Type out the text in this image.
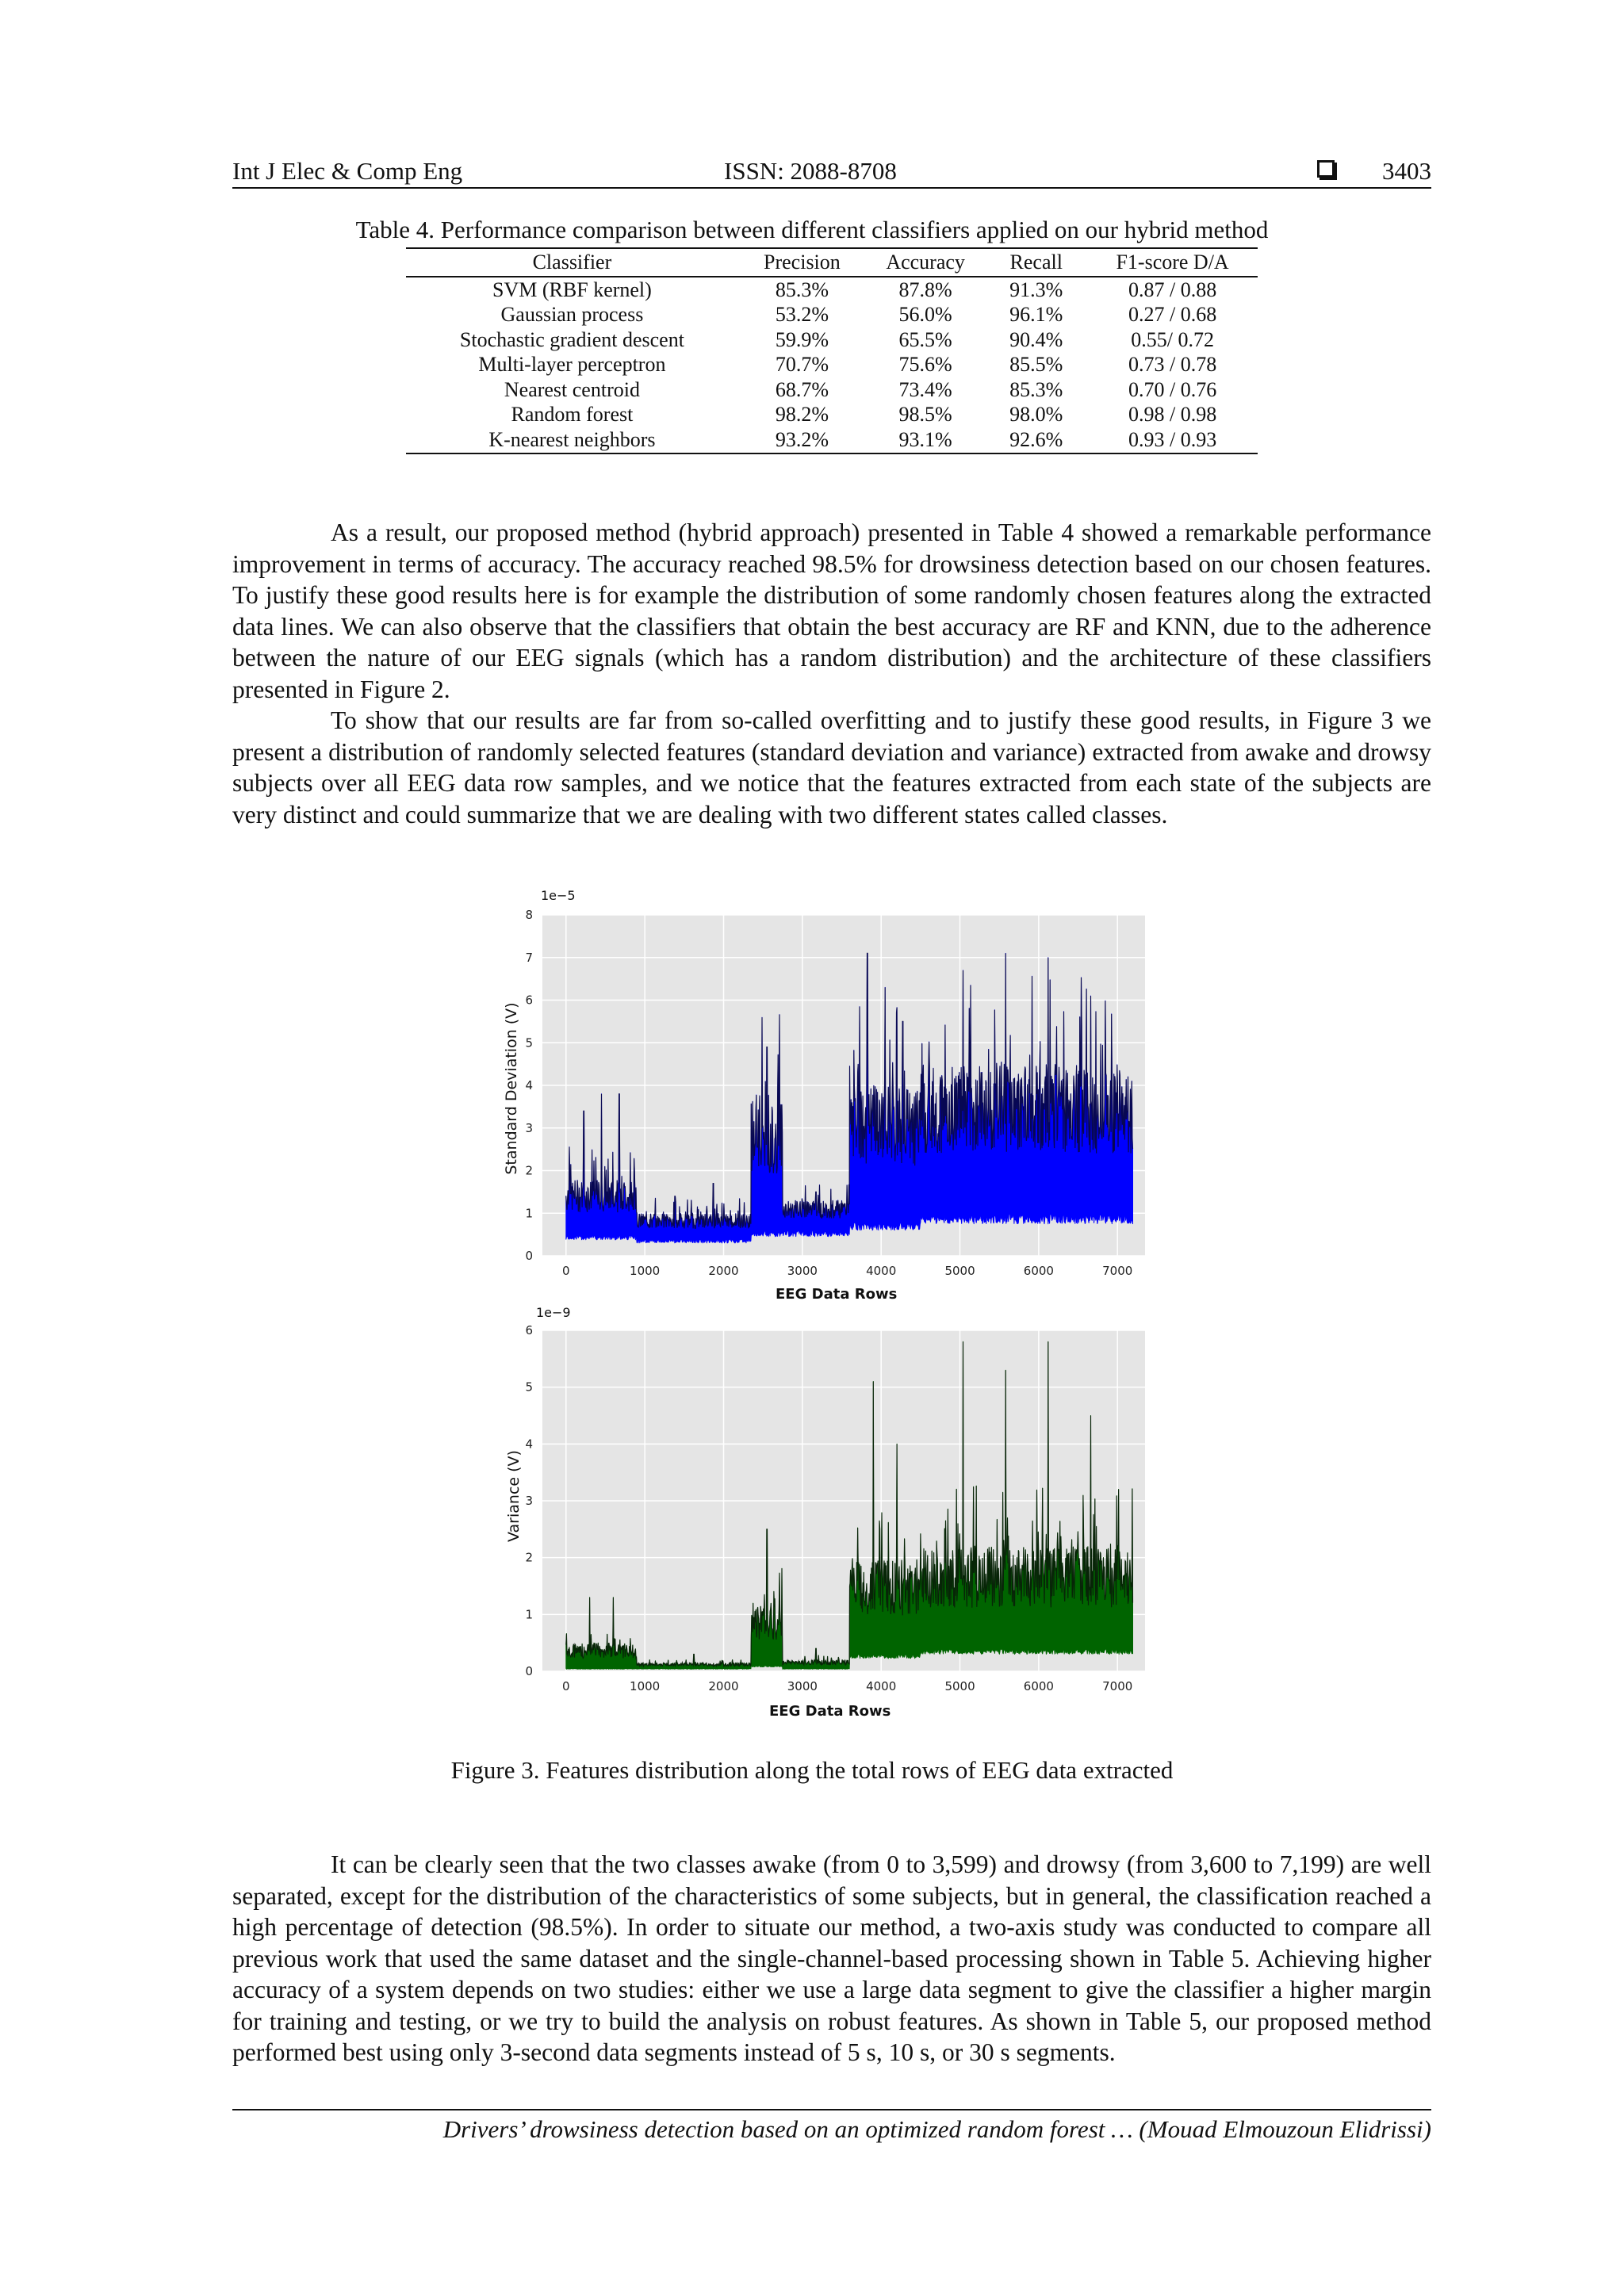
Int J Elec & Comp Eng	ISSN: 2088-8708	3403
Table 4. Performance comparison between different classifiers applied on our hybrid method
Classifier	Precision	Accuracy	Recall	F1-score D/A
SVM (RBF kernel)	85.3%	87.8%	91.3%	0.87 / 0.88
Gaussian process	53.2%	56.0%	96.1%	0.27 / 0.68
Stochastic gradient descent	59.9%	65.5%	90.4%	0.55/ 0.72
Multi-layer perceptron	70.7%	75.6%	85.5%	0.73 / 0.78
Nearest centroid	68.7%	73.4%	85.3%	0.70 / 0.76
Random forest	98.2%	98.5%	98.0%	0.98 / 0.98
K-nearest neighbors	93.2%	93.1%	92.6%	0.93 / 0.93

As a result, our proposed method (hybrid approach) presented in Table 4 showed a remarkable performance improvement in terms of accuracy. The accuracy reached 98.5% for drowsiness detection based on our chosen features. To justify these good results here is for example the distribution of some randomly chosen features along the extracted data lines. We can also observe that the classifiers that obtain the best accuracy are RF and KNN, due to the adherence between the nature of our EEG signals (which has a random distribution) and the architecture of these classifiers presented in Figure 2.

To show that our results are far from so-called overfitting and to justify these good results, in Figure 3 we present a distribution of randomly selected features (standard deviation and variance) extracted from awake and drowsy subjects over all EEG data row samples, and we notice that the features extracted from each state of the subjects are very distinct and could summarize that we are dealing with two different states called classes.

1e−5
Standard Deviation (V)
0
1
2
3
4
5
6
7
8
0	1000	2000	3000	4000	5000	6000	7000
EEG Data Rows
1e−9
Variance (V)
0
1
2
3
4
5
6
0	1000	2000	3000	4000	5000	6000	7000
EEG Data Rows
Figure 3. Features distribution along the total rows of EEG data extracted

It can be clearly seen that the two classes awake (from 0 to 3,599) and drowsy (from 3,600 to 7,199) are well separated, except for the distribution of the characteristics of some subjects, but in general, the classification reached a high percentage of detection (98.5%). In order to situate our method, a two-axis study was conducted to compare all previous work that used the same dataset and the single-channel-based processing shown in Table 5. Achieving higher accuracy of a system depends on two studies: either we use a large data segment to give the classifier a higher margin for training and testing, or we try to build the analysis on robust features. As shown in Table 5, our proposed method performed best using only 3-second data segments instead of 5 s, 10 s, or 30 s segments.

Drivers’ drowsiness detection based on an optimized random forest … (Mouad Elmouzoun Elidrissi)
